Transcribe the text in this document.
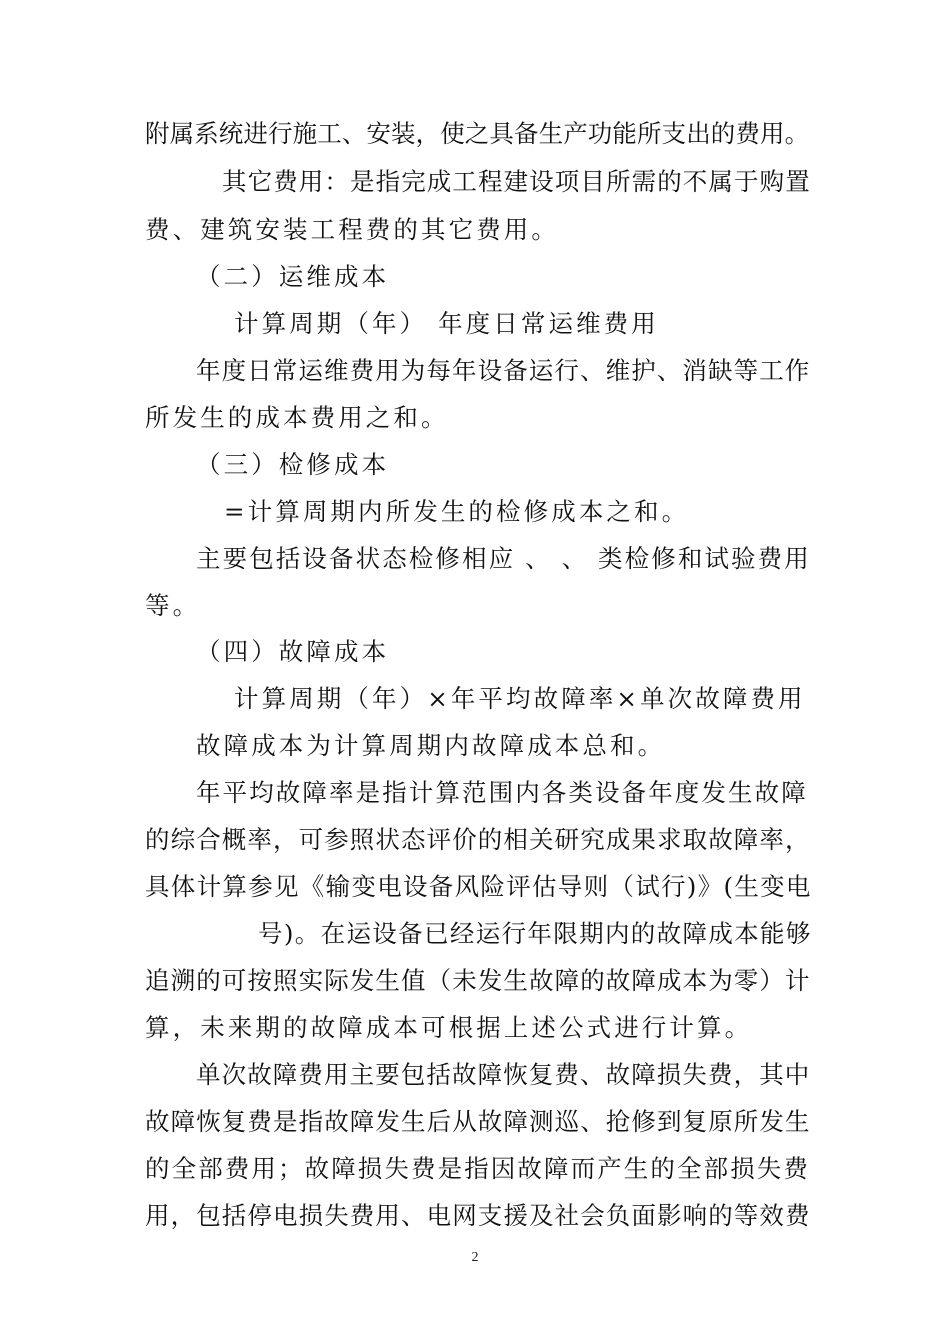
附属系统进行施工、安装，使之具备生产功能所支出的费用。
其它费用：是指完成工程建设项目所需的不属于购置
费、建筑安装工程费的其它费用。
（二）运维成本
计算周期（年） 年度日常运维费用
年度日常运维费用为每年设备运行、维护、消缺等工作
所发生的成本费用之和。
（三）检修成本
=计算周期内所发生的检修成本之和。
主要包括设备状态检修相应 、 、 类检修和试验费用
等。
（四）故障成本
计算周期（年）×年平均故障率×单次故障费用
故障成本为计算周期内故障成本总和。
年平均故障率是指计算范围内各类设备年度发生故障
的综合概率，可参照状态评价的相关研究成果求取故障率，
具体计算参见《输变电设备风险评估导则（试行)》(生变电
号)。在运设备已经运行年限期内的故障成本能够
追溯的可按照实际发生值（未发生故障的故障成本为零）计
算，未来期的故障成本可根据上述公式进行计算。
单次故障费用主要包括故障恢复费、故障损失费，其中
故障恢复费是指故障发生后从故障测巡、抢修到复原所发生
的全部费用；故障损失费是指因故障而产生的全部损失费
用，包括停电损失费用、电网支援及社会负面影响的等效费
2
